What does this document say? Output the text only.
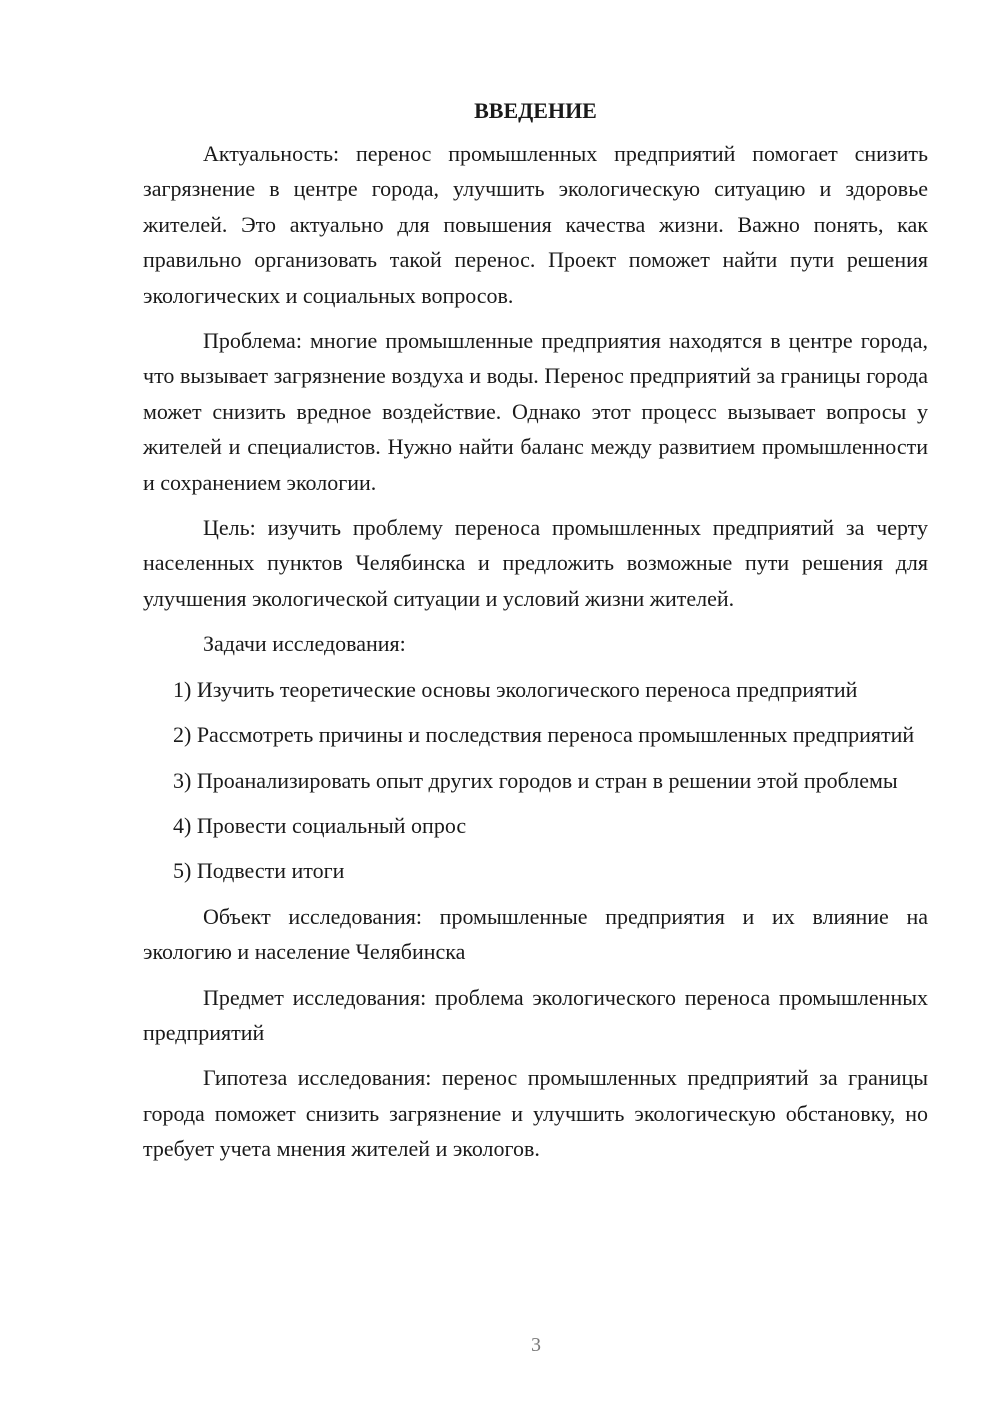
ВВЕДЕНИЕ

Актуальность: перенос промышленных предприятий помогает снизить загрязнение в центре города, улучшить экологическую ситуацию и здоровье жителей. Это актуально для повышения качества жизни. Важно понять, как правильно организовать такой перенос. Проект поможет найти пути решения экологических и социальных вопросов.

Проблема: многие промышленные предприятия находятся в центре города, что вызывает загрязнение воздуха и воды. Перенос предприятий за границы города может снизить вредное воздействие. Однако этот процесс вызывает вопросы у жителей и специалистов. Нужно найти баланс между развитием промышленности и сохранением экологии.

Цель: изучить проблему переноса промышленных предприятий за черту населенных пунктов Челябинска и предложить возможные пути решения для улучшения экологической ситуации и условий жизни жителей.

Задачи исследования:

1) Изучить теоретические основы экологического переноса предприятий

2) Рассмотреть причины и последствия переноса промышленных предприятий

3) Проанализировать опыт других городов и стран в решении этой проблемы

4) Провести социальный опрос

5) Подвести итоги

Объект исследования: промышленные предприятия и их влияние на экологию и население Челябинска

Предмет исследования: проблема экологического переноса промышленных предприятий

Гипотеза исследования: перенос промышленных предприятий за границы города поможет снизить загрязнение и улучшить экологическую обстановку, но требует учета мнения жителей и экологов.

3
